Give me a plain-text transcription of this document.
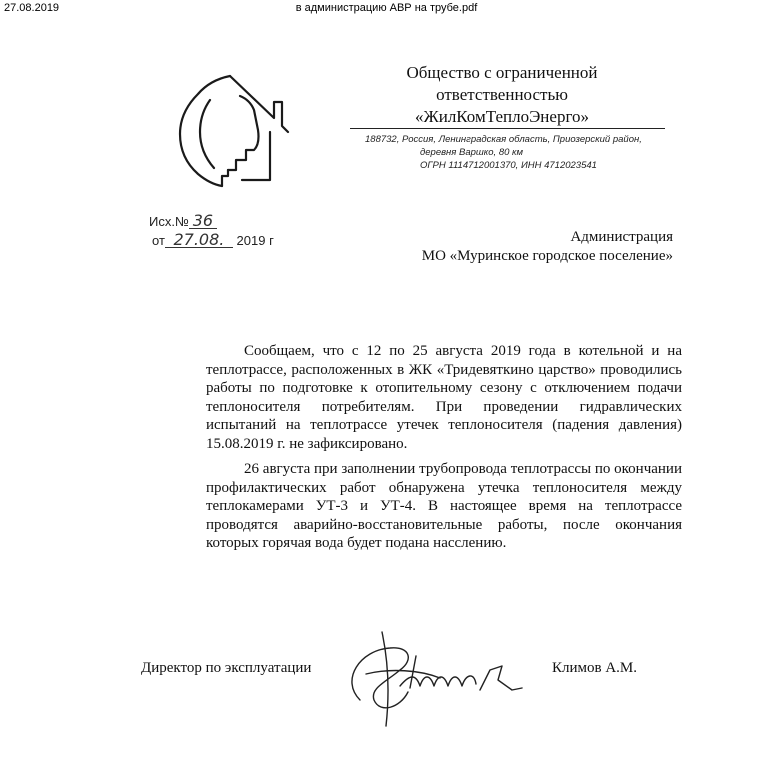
27.08.2019	в администрацию АВР на трубе.pdf
Общество с ограниченной
ответственностью
«ЖилКомТеплоЭнерго»
188732, Россия, Ленинградская область, Приозерский район,
деревня Варшко, 80 км
ОГРН 1114712001370, ИНН 4712023541
Исх.№ 36
от 27.08. 2019 г	Администрация
МО «Муринское городское поселение»
Сообщаем, что с 12 по 25 августа 2019 года в котельной и на теплотрассе, расположенных в ЖК «Тридевяткино царство» проводились работы по подготовке к отопительному сезону с отключением подачи теплоносителя потребителям. При проведении гидравлических испытаний на теплотрассе утечек теплоносителя (падения давления) 15.08.2019 г. не зафиксировано.
26 августа при заполнении трубопровода теплотрассы по окончании профилактических работ обнаружена утечка теплоносителя между теплокамерами УТ-3 и УТ-4. В настоящее время на теплотрассе проводятся аварийно-восстановительные работы, после окончания которых горячая вода будет подана насслению.
Директор по эксплуатации	Климов А.М.
